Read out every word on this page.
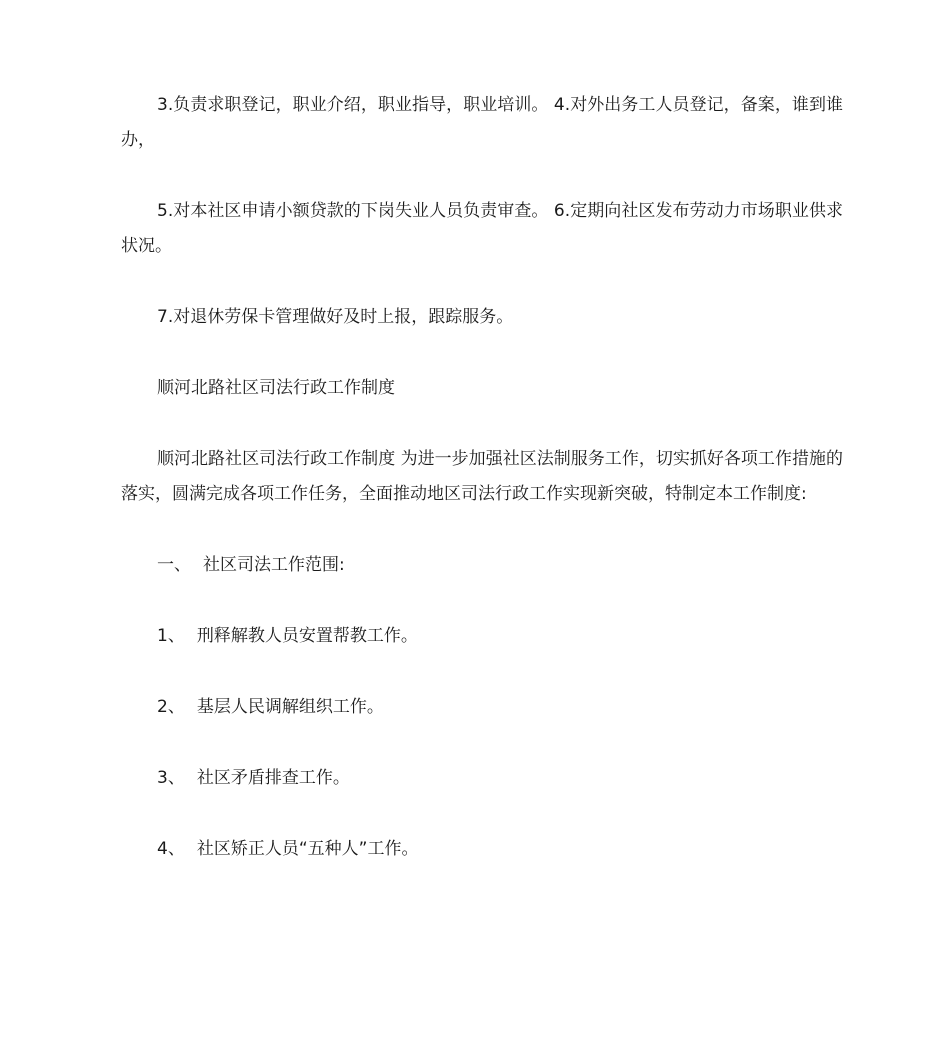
3.负责求职登记，职业介绍，职业指导，职业培训。 4.对外出务工人员登记，备案，谁到谁办，

5.对本社区申请小额贷款的下岗失业人员负责审查。 6.定期向社区发布劳动力市场职业供求状况。

7.对退休劳保卡管理做好及时上报，跟踪服务。

顺河北路社区司法行政工作制度

顺河北路社区司法行政工作制度 为进一步加强社区法制服务工作，切实抓好各项工作措施的落实，圆满完成各项工作任务，全面推动地区司法行政工作实现新突破，特制定本工作制度:

一、 社区司法工作范围:
1、 刑释解教人员安置帮教工作。
2、 基层人民调解组织工作。
3、 社区矛盾排查工作。
4、 社区矫正人员“五种人”工作。
